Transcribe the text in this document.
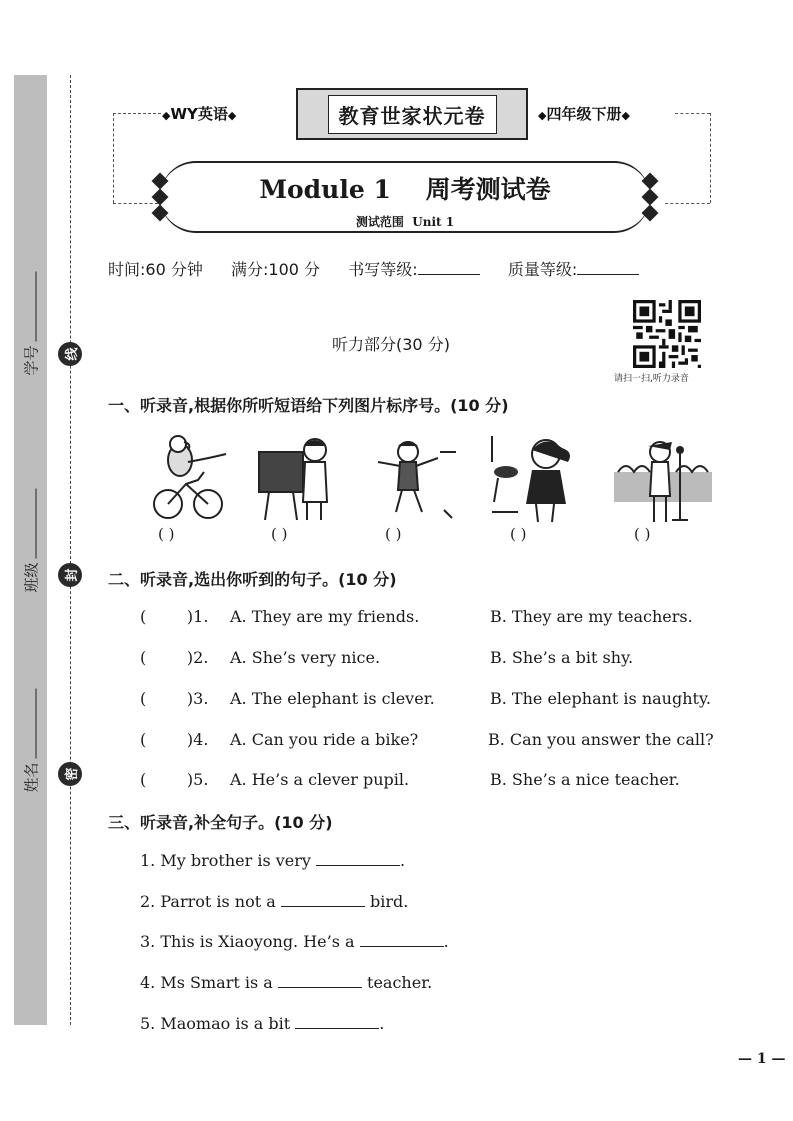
学号
班级
姓名
线
封
密
◆WY英语◆	◆四年级下册◆
教育世家状元卷
Module 1    周考测试卷
测试范围  Unit 1
时间:60 分钟 满分:100 分 书写等级:	质量等级:
听力部分(30 分)
请扫一扫,听力录音
一、听录音,根据你所听短语给下列图片标序号。(10 分)
( )	( )	( )	( )	( )
二、听录音,选出你听到的句子。(10 分)
(        )1. A. They are my friends.	B. They are my teachers.
(        )2. A. She’s very nice.	B. She’s a bit shy.
(        )3. A. The elephant is clever.	B. The elephant is naughty.
(        )4. A. Can you ride a bike?	B. Can you answer the call?
(        )5. A. He’s a clever pupil.	B. She’s a nice teacher.
三、听录音,补全句子。(10 分)
1. My brother is very	.
2. Parrot is not a	bird.
3. This is Xiaoyong. He’s a	.
4. Ms Smart is a	teacher.
5. Maomao is a bit	.
— 1 —
